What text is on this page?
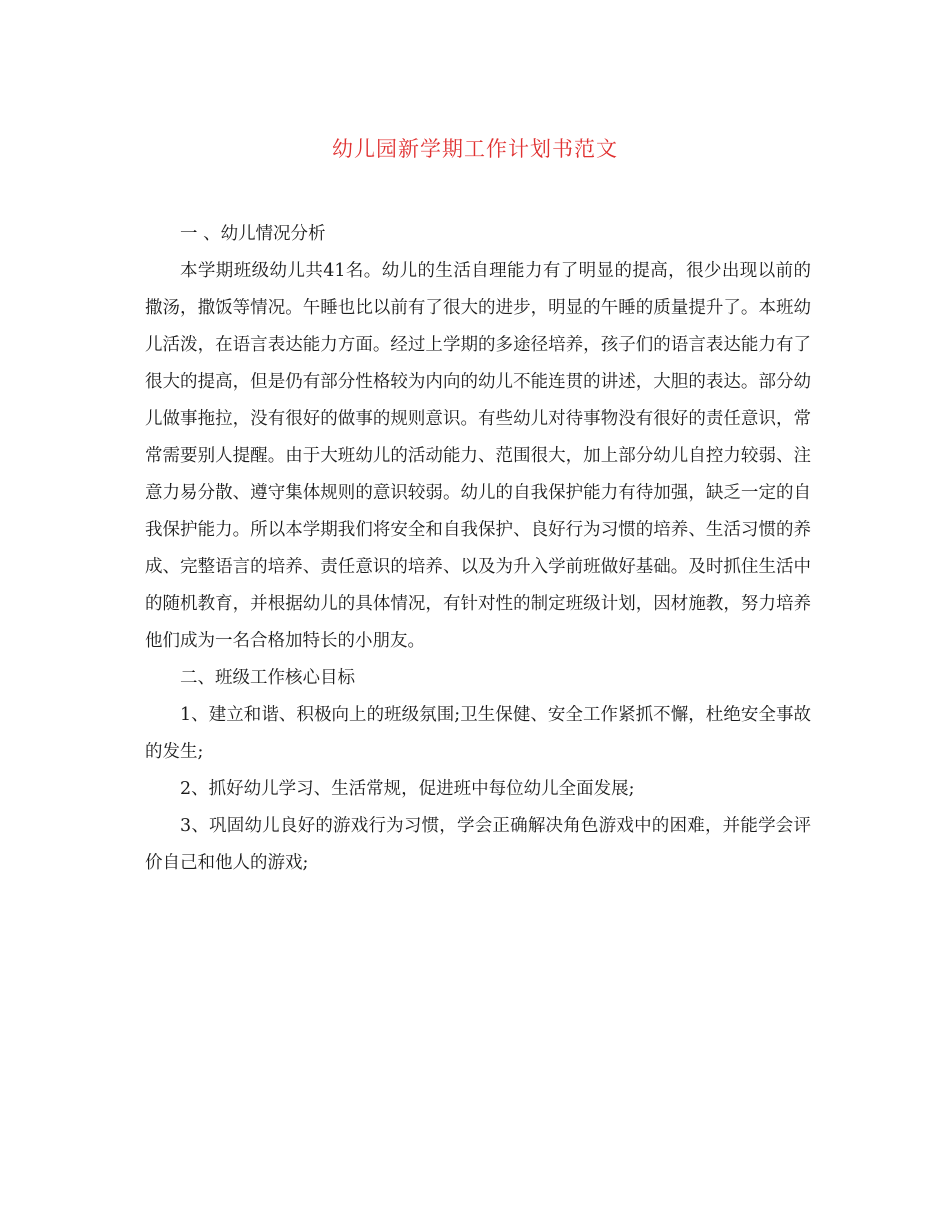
幼儿园新学期工作计划书范文

一 、幼儿情况分析

本学期班级幼儿共41名。幼儿的生活自理能力有了明显的提高，很少出现以前的撒汤，撒饭等情况。午睡也比以前有了很大的进步，明显的午睡的质量提升了。本班幼儿活泼，在语言表达能力方面。经过上学期的多途径培养，孩子们的语言表达能力有了很大的提高，但是仍有部分性格较为内向的幼儿不能连贯的讲述，大胆的表达。部分幼儿做事拖拉，没有很好的做事的规则意识。有些幼儿对待事物没有很好的责任意识，常常需要别人提醒。由于大班幼儿的活动能力、范围很大，加上部分幼儿自控力较弱、注意力易分散、遵守集体规则的意识较弱。幼儿的自我保护能力有待加强，缺乏一定的自我保护能力。所以本学期我们将安全和自我保护、良好行为习惯的培养、生活习惯的养成、完整语言的培养、责任意识的培养、以及为升入学前班做好基础。及时抓住生活中的随机教育，并根据幼儿的具体情况，有针对性的制定班级计划，因材施教，努力培养他们成为一名合格加特长的小朋友。

二、班级工作核心目标

1、建立和谐、积极向上的班级氛围;卫生保健、安全工作紧抓不懈，杜绝安全事故的发生;

2、抓好幼儿学习、生活常规，促进班中每位幼儿全面发展;

3、巩固幼儿良好的游戏行为习惯，学会正确解决角色游戏中的困难，并能学会评价自己和他人的游戏;
